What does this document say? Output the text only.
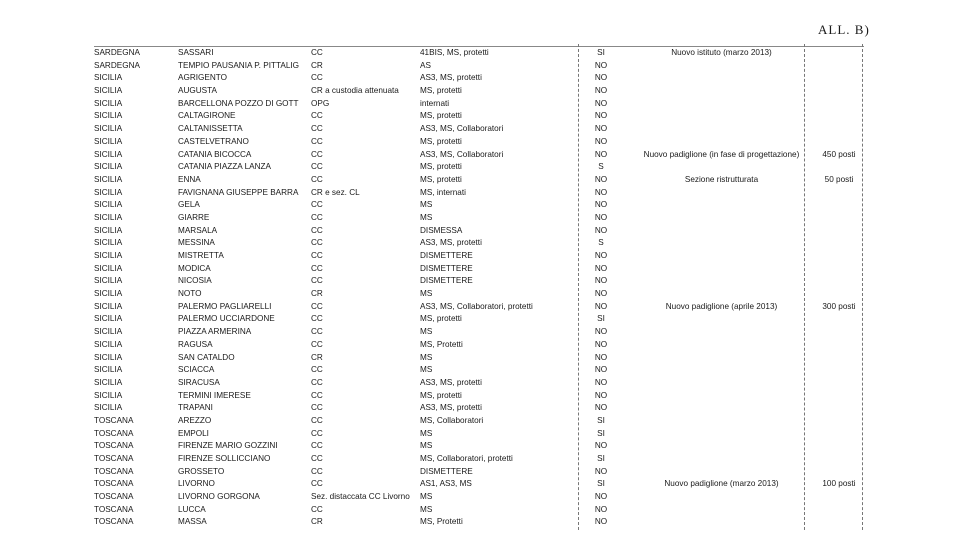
ALL. B)
SARDEGNA	SASSARI	CC	41BIS, MS, protetti	SI	Nuovo istituto (marzo 2013)
SARDEGNA	TEMPIO PAUSANIA P. PITTALIG	CR	AS	NO
SICILIA	AGRIGENTO	CC	AS3, MS, protetti	NO
SICILIA	AUGUSTA	CR a custodia attenuata	MS, protetti	NO
SICILIA	BARCELLONA POZZO DI GOTT	OPG	internati	NO
SICILIA	CALTAGIRONE	CC	MS, protetti	NO
SICILIA	CALTANISSETTA	CC	AS3, MS, Collaboratori	NO
SICILIA	CASTELVETRANO	CC	MS, protetti	NO
SICILIA	CATANIA BICOCCA	CC	AS3, MS, Collaboratori	NO	Nuovo padiglione (in fase di progettazione)	450 posti
SICILIA	CATANIA PIAZZA LANZA	CC	MS, protetti	S
SICILIA	ENNA	CC	MS, protetti	NO	Sezione ristrutturata	50 posti
SICILIA	FAVIGNANA GIUSEPPE BARRA	CR e sez. CL	MS, internati	NO
SICILIA	GELA	CC	MS	NO
SICILIA	GIARRE	CC	MS	NO
SICILIA	MARSALA	CC	DISMESSA	NO
SICILIA	MESSINA	CC	AS3, MS, protetti	S
SICILIA	MISTRETTA	CC	DISMETTERE	NO
SICILIA	MODICA	CC	DISMETTERE	NO
SICILIA	NICOSIA	CC	DISMETTERE	NO
SICILIA	NOTO	CR	MS	NO
SICILIA	PALERMO PAGLIARELLI	CC	AS3, MS, Collaboratori, protetti	NO	Nuovo padiglione (aprile 2013)	300 posti
SICILIA	PALERMO UCCIARDONE	CC	MS, protetti	SI
SICILIA	PIAZZA ARMERINA	CC	MS	NO
SICILIA	RAGUSA	CC	MS, Protetti	NO
SICILIA	SAN CATALDO	CR	MS	NO
SICILIA	SCIACCA	CC	MS	NO
SICILIA	SIRACUSA	CC	AS3, MS, protetti	NO
SICILIA	TERMINI IMERESE	CC	MS, protetti	NO
SICILIA	TRAPANI	CC	AS3, MS, protetti	NO
TOSCANA	AREZZO	CC	MS, Collaboratori	SI
TOSCANA	EMPOLI	CC	MS	SI
TOSCANA	FIRENZE MARIO GOZZINI	CC	MS	NO
TOSCANA	FIRENZE SOLLICCIANO	CC	MS, Collaboratori, protetti	SI
TOSCANA	GROSSETO	CC	DISMETTERE	NO
TOSCANA	LIVORNO	CC	AS1, AS3, MS	SI	Nuovo padiglione (marzo 2013)	100 posti
TOSCANA	LIVORNO GORGONA	Sez. distaccata CC Livorno	MS	NO
TOSCANA	LUCCA	CC	MS	NO
TOSCANA	MASSA	CR	MS, Protetti	NO
